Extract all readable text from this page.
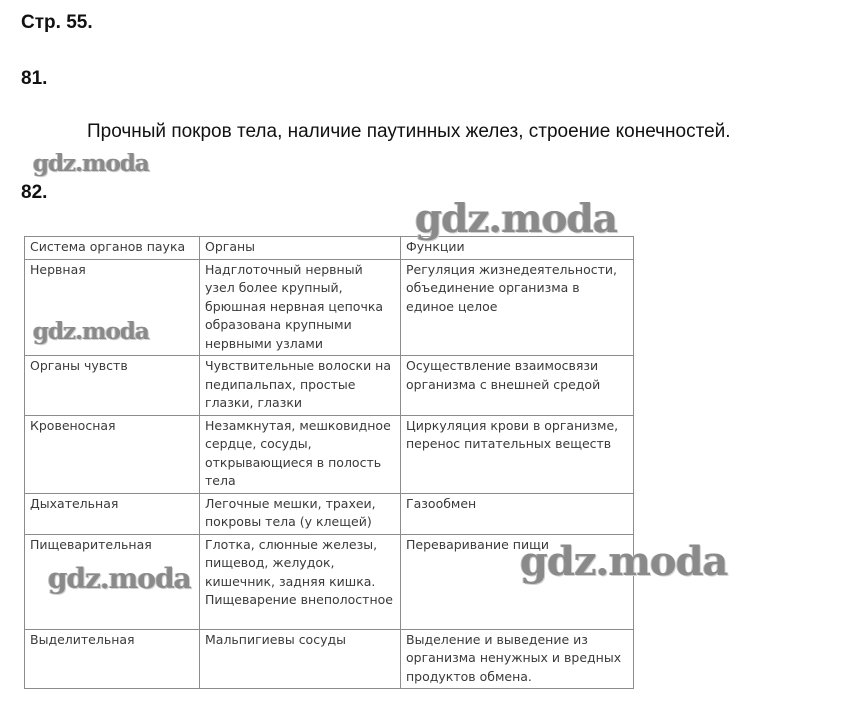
Стр. 55.
81.
Прочный покров тела, наличие паутинных желез, строение конечностей.
82.
Система органов паука	Органы	Функции
Нервная	Надглоточный нервный узел более крупный, брюшная нервная цепочка образована крупными нервными узлами	Регуляция жизнедеятельности, объединение организма в единое целое
Органы чувств	Чувствительные волоски на педипальпах, простые глазки, глазки	Осуществление взаимосвязи организма с внешней средой
Кровеносная	Незамкнутая, мешковидное сердце, сосуды, открывающиеся в полость тела	Циркуляция крови в организме, перенос питательных веществ
Дыхательная	Легочные мешки, трахеи, покровы тела (у клещей)	Газообмен
Пищеварительная	Глотка, слюнные железы, пищевод, желудок, кишечник, задняя кишка. Пищеварение внеполостное	Переваривание пищи
Выделительная	Мальпигиевы сосуды	Выделение и выведение из организма ненужных и вредных продуктов обмена.
gdz.moda
gdz.moda
gdz.moda
gdz.moda
gdz.moda
